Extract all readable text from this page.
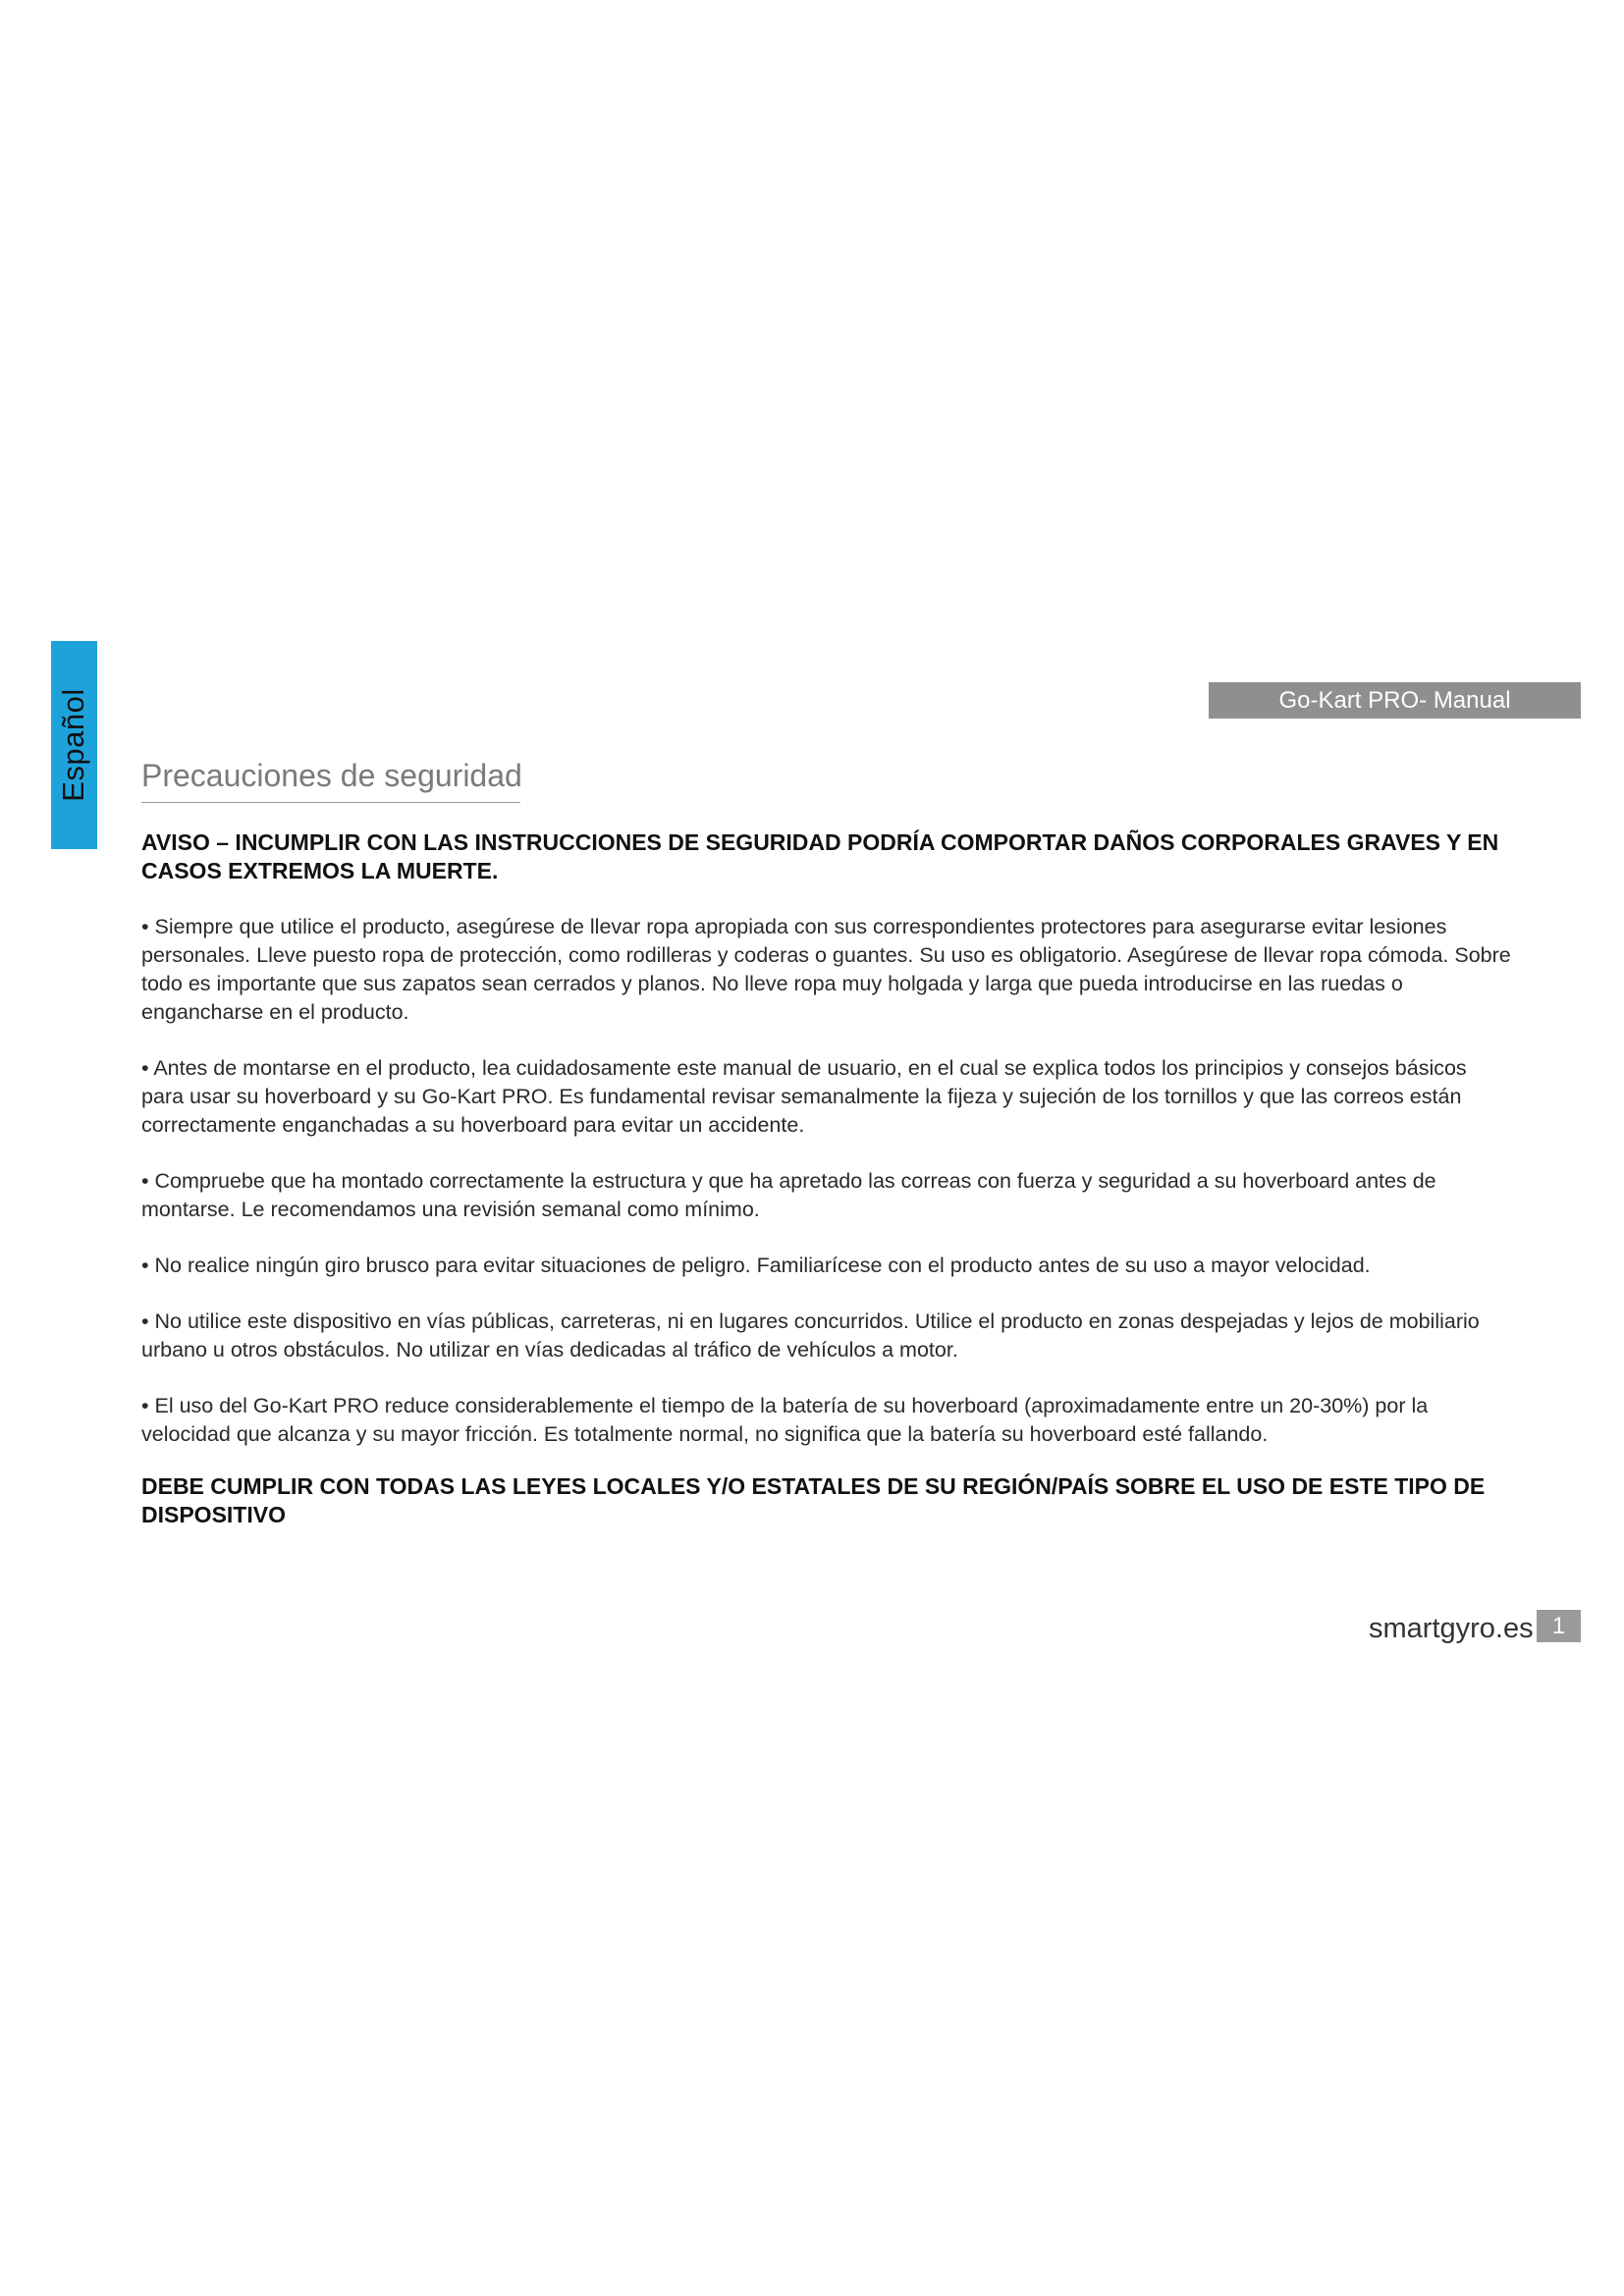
Español	Go-Kart PRO- Manual
Precauciones de seguridad

AVISO – INCUMPLIR CON LAS INSTRUCCIONES DE SEGURIDAD PODRÍA COMPORTAR DAÑOS CORPORALES GRAVES Y EN CASOS EXTREMOS LA MUERTE.

• Siempre que utilice el producto, asegúrese de llevar ropa apropiada con sus correspondientes protectores para asegurarse evitar lesiones personales. Lleve puesto ropa de protección, como rodilleras y coderas o guantes. Su uso es obligatorio. Asegúrese de llevar ropa cómoda. Sobre todo es importante que sus zapatos sean cerrados y planos. No lleve ropa muy holgada y larga que pueda introducirse en las ruedas o engancharse en el producto.

• Antes de montarse en el producto, lea cuidadosamente este manual de usuario, en el cual se explica todos los principios y consejos básicos para usar su hoverboard y su Go-Kart PRO. Es fundamental revisar semanalmente la fijeza y sujeción de los tornillos y que las correos están correctamente enganchadas a su hoverboard para evitar un accidente.

• Compruebe que ha montado correctamente la estructura y que ha apretado las correas con fuerza y seguridad a su hoverboard antes de montarse. Le recomendamos una revisión semanal como mínimo.

• No realice ningún giro brusco para evitar situaciones de peligro. Familiarícese con el producto antes de su uso a mayor velocidad.

• No utilice este dispositivo en vías públicas, carreteras, ni en lugares concurridos. Utilice el producto en zonas despejadas y lejos de mobiliario urbano u otros obstáculos. No utilizar en vías dedicadas al tráfico de vehículos a motor.

• El uso del Go-Kart PRO reduce considerablemente el tiempo de la batería de su hoverboard (aproximadamente entre un 20-30%) por la velocidad que alcanza y su mayor fricción. Es totalmente normal, no significa que la batería su hoverboard esté fallando.

DEBE CUMPLIR CON TODAS LAS LEYES LOCALES Y/O ESTATALES DE SU REGIÓN/PAÍS SOBRE EL USO DE ESTE TIPO DE DISPOSITIVO

smartgyro.es 1
